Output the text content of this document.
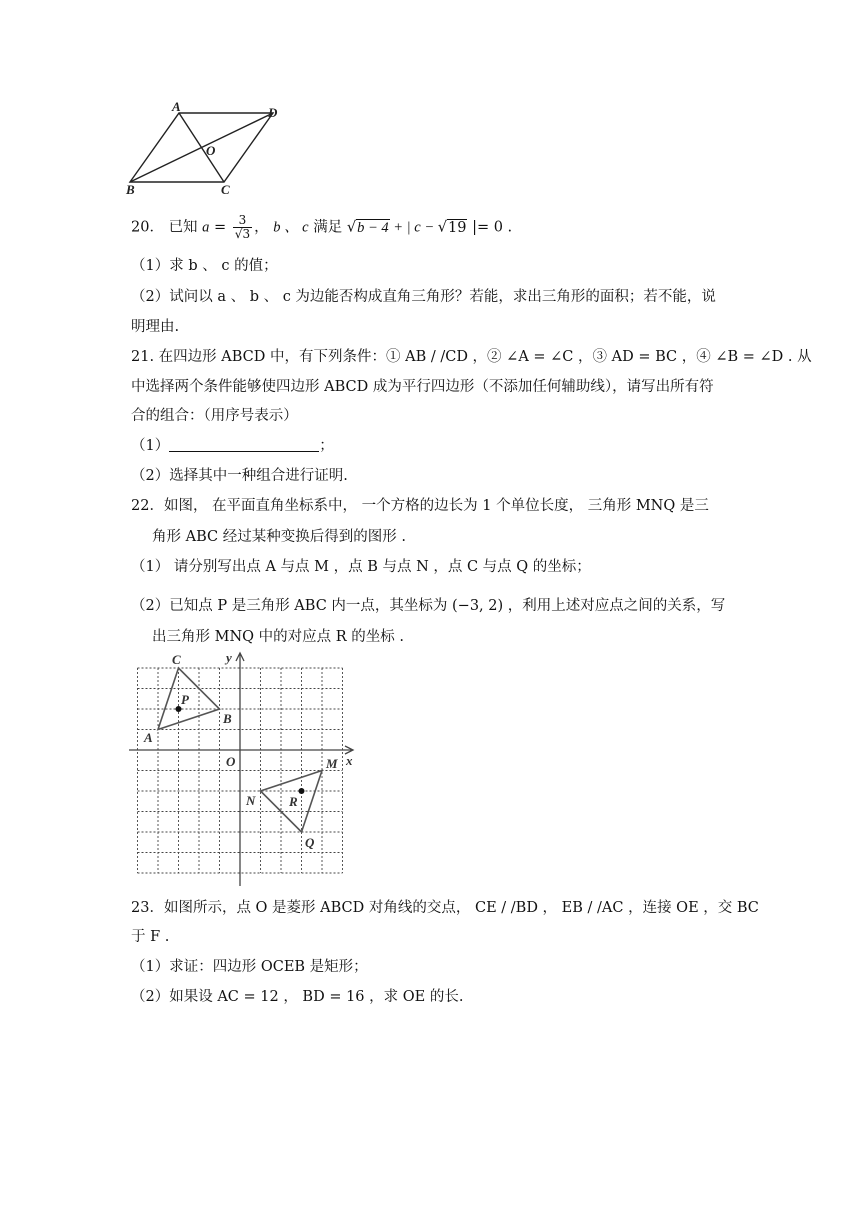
A	D
O
B	C
20． 已知 $a = \frac{3}{√3}$ ， b 、 c 满足 √b − 4 + | c − √19 |= 0 .
（1）求 b 、 c 的值；
（2）试问以 a 、 b 、 c 为边能否构成直角三角形？若能，求出三角形的面积；若不能，说
明理由.
21. 在四边形 ABCD 中，有下列条件：① AB / /CD ，② ∠A = ∠C ，③ AD = BC ，④ ∠B = ∠D . 从
中选择两个条件能够使四边形 ABCD 成为平行四边形（不添加任何辅助线），请写出所有符
合的组合：（用序号表示）
（1）	；
（2）选择其中一种组合进行证明.
22．如图， 在平面直角坐标系中， 一个方格的边长为 1 个单位长度， 三角形 MNQ 是三
角形 ABC 经过某种变换后得到的图形 .
（1） 请分别写出点 A 与点 M ，点 B 与点 N ，点 C 与点 Q 的坐标；
（2）已知点 P 是三角形 ABC 内一点，其坐标为 (−3, 2) ，利用上述对应点之间的关系，写
出三角形 MNQ 中的对应点 R 的坐标 .
x
y
O
A
B
C
P
M
N	R
Q
23．如图所示，点 O 是菱形 ABCD 对角线的交点， CE / /BD ， EB / /AC ，连接 OE ，交 BC
于 F .
（1）求证：四边形 OCEB 是矩形；
（2）如果设 AC = 12 ， BD = 16 ，求 OE 的长.
